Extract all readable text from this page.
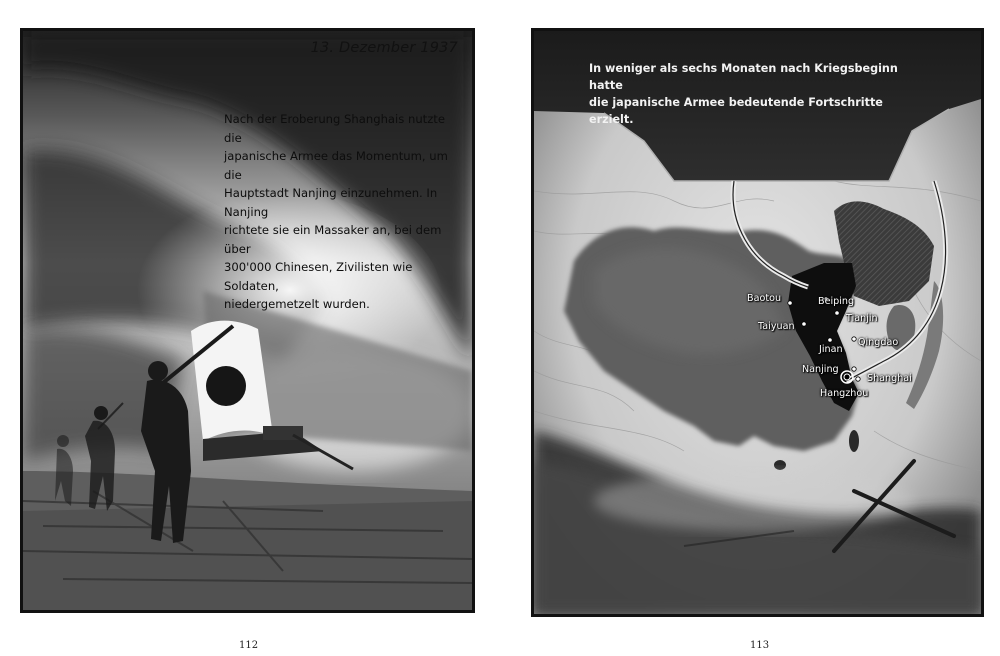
13. Dezember 1937
Nach der Eroberung Shanghais nutzte die
japanische Armee das Momentum, um die
Hauptstadt Nanjing einzunehmen. In Nanjing
richtete sie ein Massaker an, bei dem über
300'000 Chinesen, Zivilisten wie Soldaten,
niedergemetzelt wurden.
In weniger als sechs Monaten nach Kriegsbeginn hatte
die japanische Armee bedeutende Fortschritte erzielt.
Baotou	Beiping
Tianjin
Taiyuan
Jinan
Qingdao
Nanjing
Shanghai
Hangzhou
112	113
